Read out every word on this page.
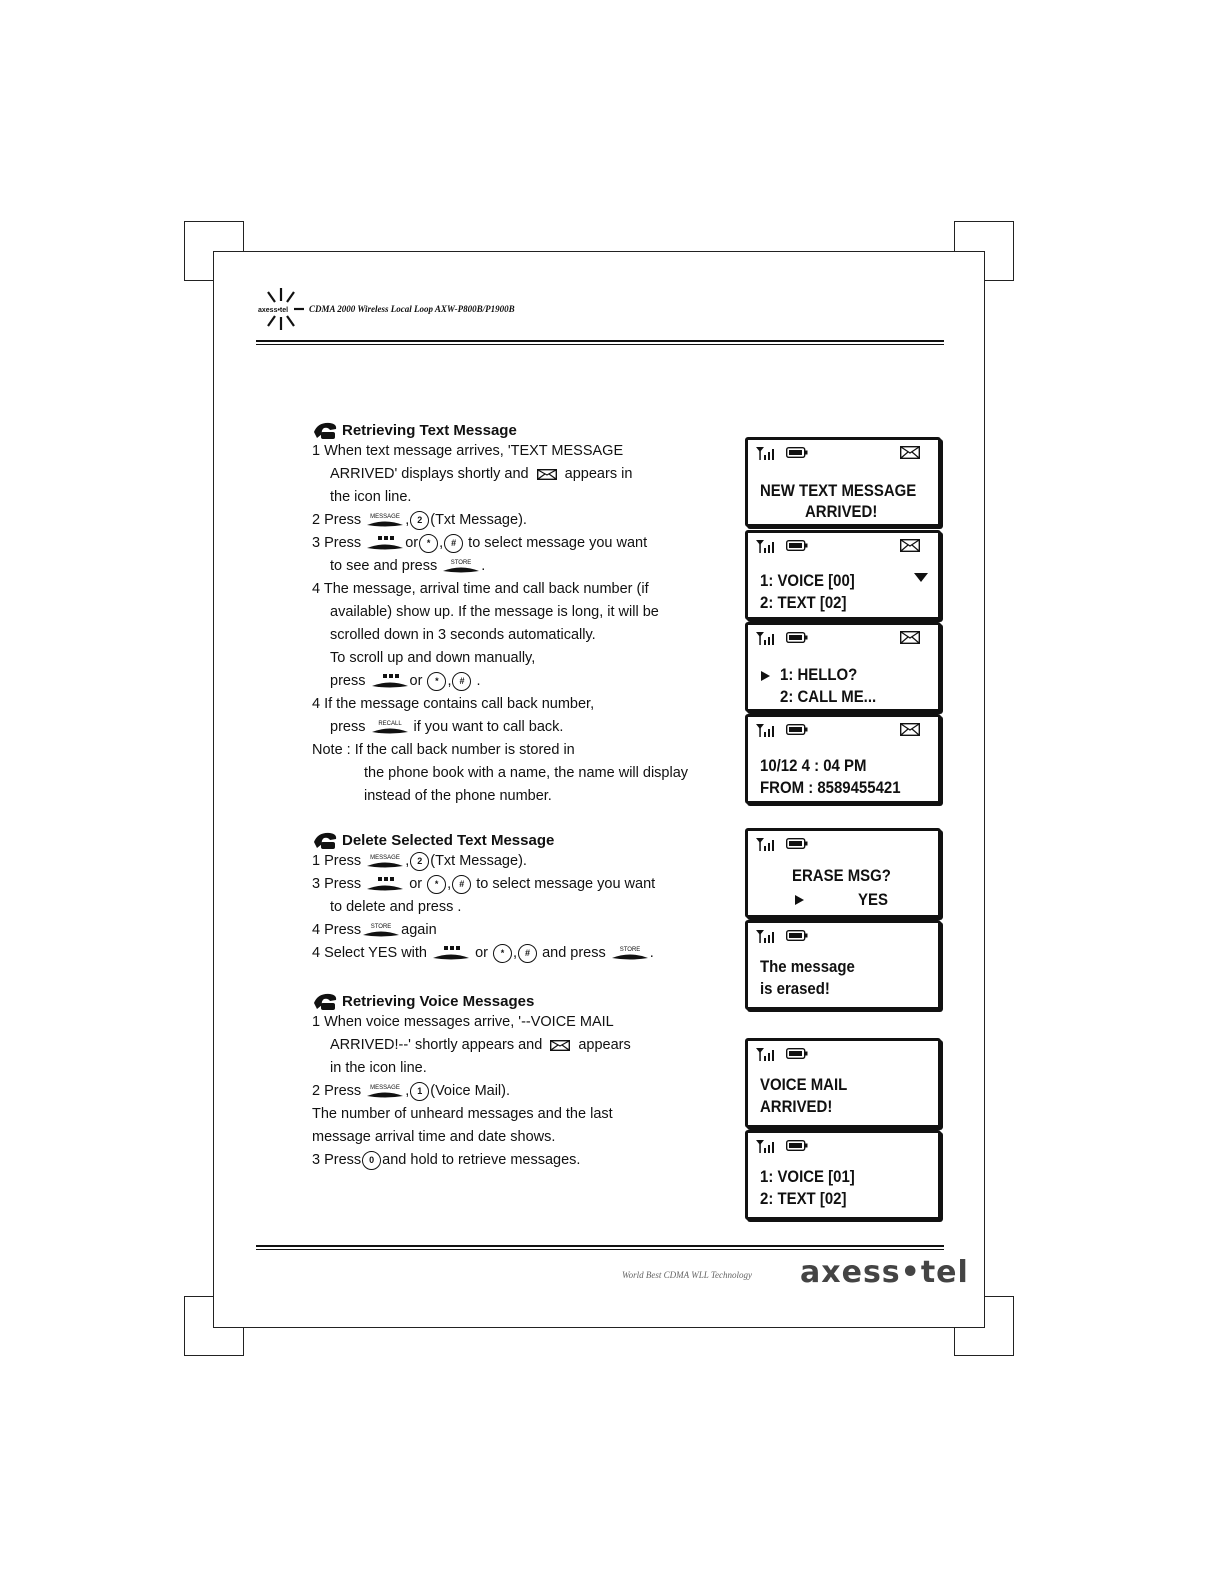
axess•tel CDMA 2000 Wireless Local Loop AXW-P800B/P1900B
Retrieving Text Message
1 When text message arrives, 'TEXT MESSAGE
ARRIVED' displays shortly and appears in
the icon line.
2 Press MESSAGE , 2 (Txt Message).
3 Press	or * , # to select message you want
to see and press STORE .
4 The message, arrival time and call back number (if
available) show up. If the message is long, it will be
scrolled down in 3 seconds automatically.
To scroll up and down manually,
press	or * , # .
4 If the message contains call back number,
press RECALL if you want to call back.
Note : If the call back number is stored in
the phone book with a name, the name will display
instead of the phone number.
Delete Selected Text Message
1 Press MESSAGE , 2 (Txt Message).
3 Press	or * , # to select message you want
to delete and press .
4 Press STORE again
4 Select YES with	or * , # and press STORE .
Retrieving Voice Messages
1 When voice messages arrive, '--VOICE MAIL
ARRIVED!--' shortly appears and appears
in the icon line.
2 Press MESSAGE , 1 (Voice Mail).
The number of unheard messages and the last
message arrival time and date shows.
3 Press 0 and hold to retrieve messages.
NEW TEXT MESSAGE
ARRIVED!
1: VOICE [00]
2: TEXT [02]
1: HELLO?
2: CALL ME...
10/12 4 : 04 PM
FROM : 8589455421
ERASE MSG?
YES
The message
is erased!
VOICE MAIL
ARRIVED!
1: VOICE [01]
2: TEXT [02]
World Best CDMA WLL Technology axess•tel
